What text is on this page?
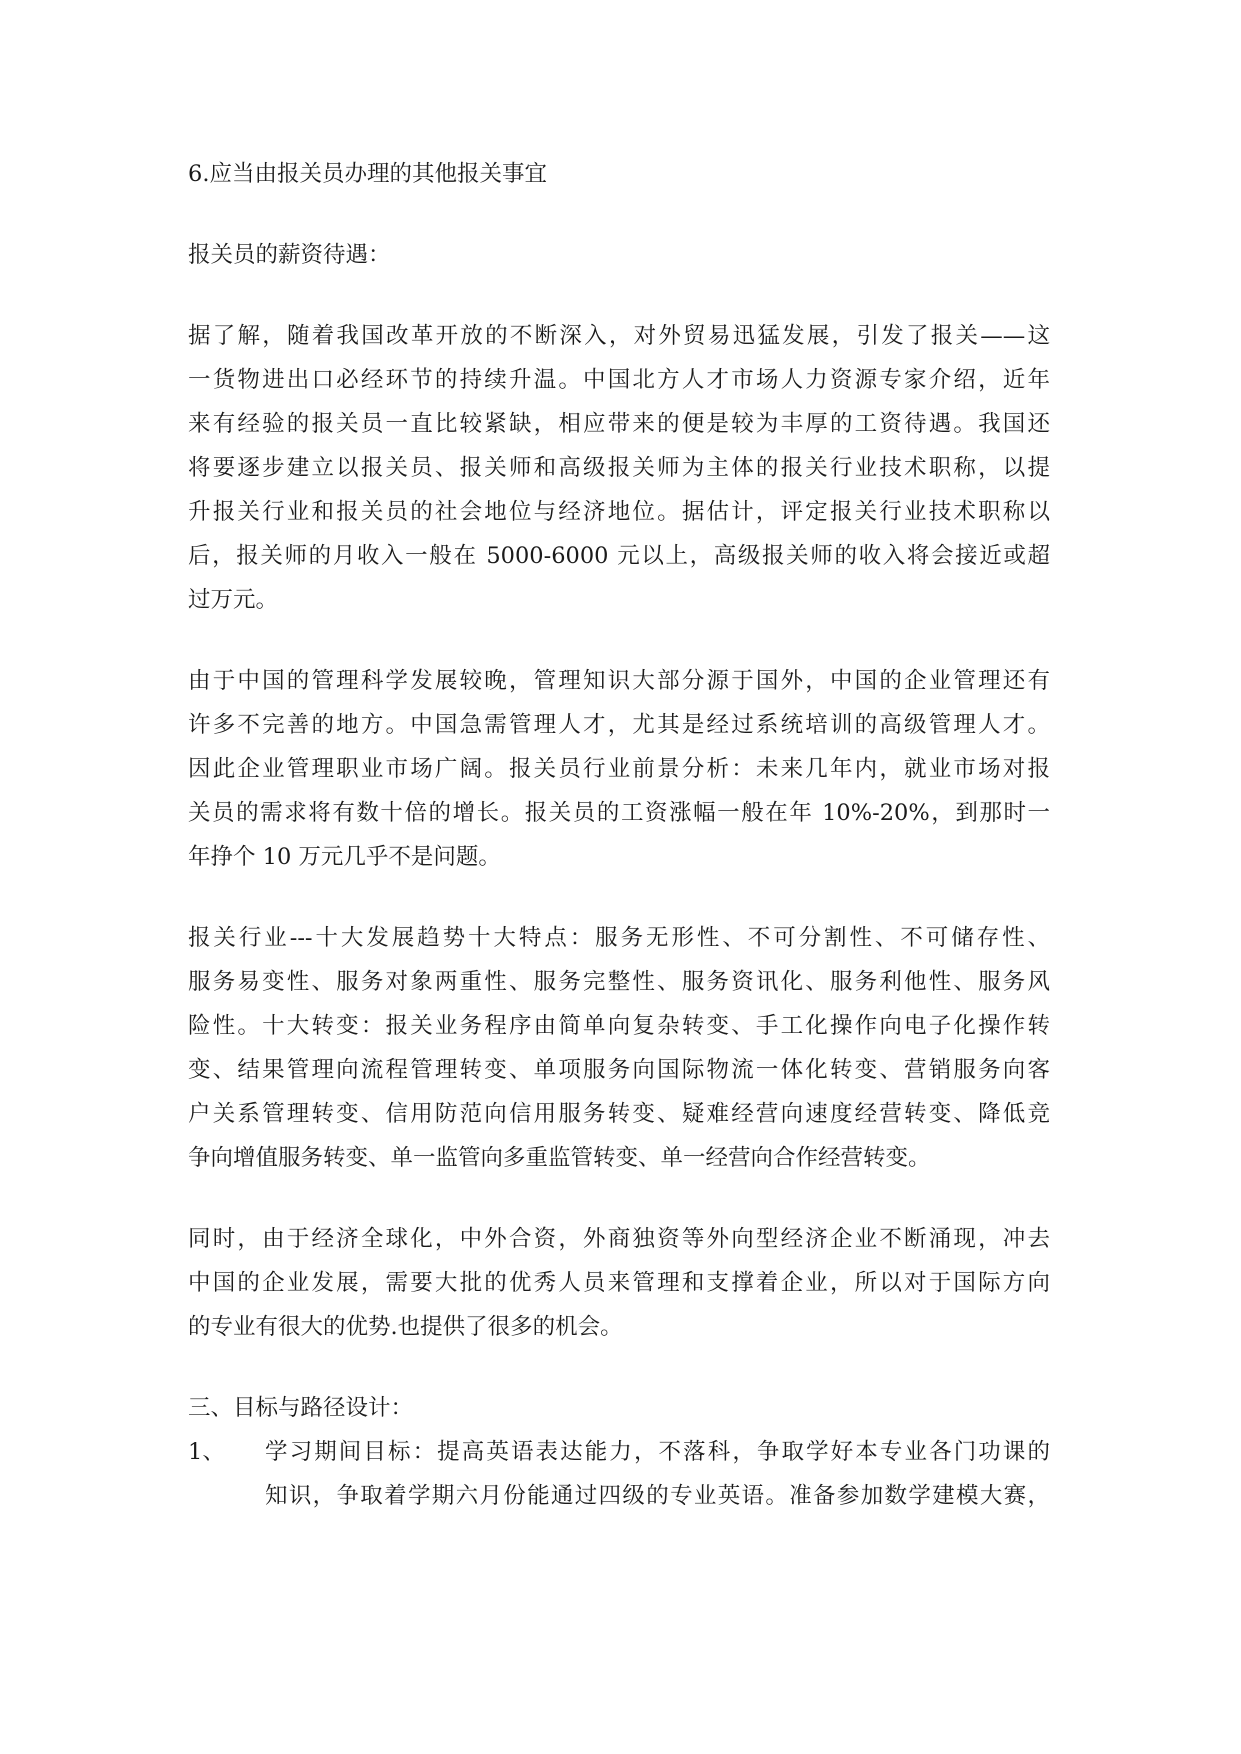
6.应当由报关员办理的其他报关事宜

报关员的薪资待遇：

据了解，随着我国改革开放的不断深入，对外贸易迅猛发展，引发了报关——这

一货物进出口必经环节的持续升温。中国北方人才市场人力资源专家介绍，近年

来有经验的报关员一直比较紧缺，相应带来的便是较为丰厚的工资待遇。我国还

将要逐步建立以报关员、报关师和高级报关师为主体的报关行业技术职称，以提

升报关行业和报关员的社会地位与经济地位。据估计，评定报关行业技术职称以

后，报关师的月收入一般在 5000-6000 元以上，高级报关师的收入将会接近或超

过万元。

由于中国的管理科学发展较晚，管理知识大部分源于国外，中国的企业管理还有

许多不完善的地方。中国急需管理人才，尤其是经过系统培训的高级管理人才。

因此企业管理职业市场广阔。报关员行业前景分析：未来几年内，就业市场对报

关员的需求将有数十倍的增长。报关员的工资涨幅一般在年 10%-20%，到那时一

年挣个 10 万元几乎不是问题。

报关行业---十大发展趋势十大特点：服务无形性、不可分割性、不可储存性、

服务易变性、服务对象两重性、服务完整性、服务资讯化、服务利他性、服务风

险性。十大转变：报关业务程序由简单向复杂转变、手工化操作向电子化操作转

变、结果管理向流程管理转变、单项服务向国际物流一体化转变、营销服务向客

户关系管理转变、信用防范向信用服务转变、疑难经营向速度经营转变、降低竞

争向增值服务转变、单一监管向多重监管转变、单一经营向合作经营转变。

同时，由于经济全球化，中外合资，外商独资等外向型经济企业不断涌现，冲去

中国的企业发展，需要大批的优秀人员来管理和支撑着企业，所以对于国际方向

的专业有很大的优势.也提供了很多的机会。

三、目标与路径设计：

1、 学习期间目标：提高英语表达能力，不落科，争取学好本专业各门功课的

知识，争取着学期六月份能通过四级的专业英语。准备参加数学建模大赛，
